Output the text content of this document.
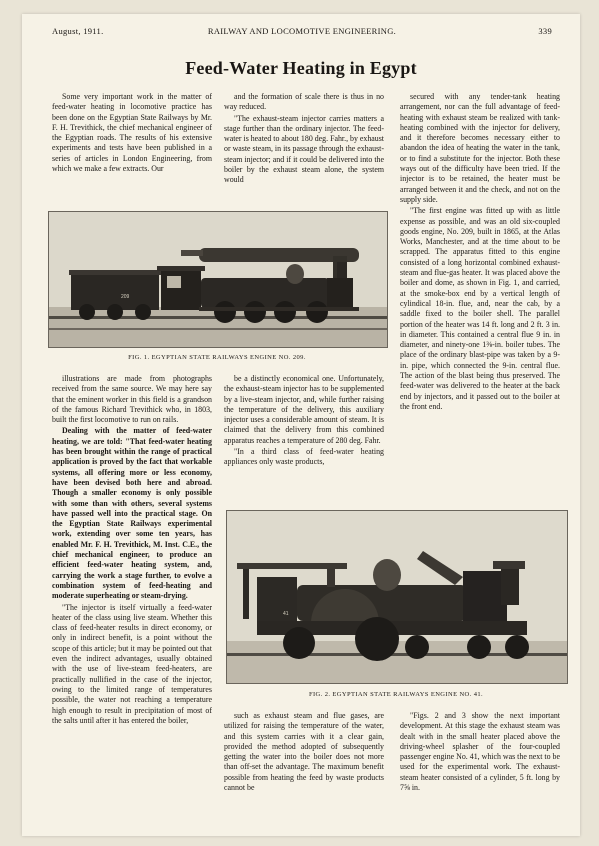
August, 1911.	RAILWAY AND LOCOMOTIVE ENGINEERING.	339
Feed-Water Heating in Egypt

Some very important work in the matter of feed-water heating in locomotive practice has been done on the Egyptian State Railways by Mr. F. H. Trevithick, the chief mechanical engineer of the Egyptian roads. The results of his extensive experiments and tests have been published in a series of articles in London Engineering, from which we make a few extracts. Our

and the formation of scale there is thus in no way reduced.

"The exhaust-steam injector carries matters a stage further than the ordinary injector. The feed-water is heated to about 180 deg. Fahr., by exhaust or waste steam, in its passage through the exhaust-steam injector; and if it could be delivered into the boiler by the exhaust steam alone, the system would

secured with any tender-tank heating arrangement, nor can the full advantage of feed-heating with exhaust steam be realized with tank-heating combined with the injector for delivery, and it therefore becomes necessary either to abandon the idea of heating the water in the tank, or to find a substitute for the injector. Both these ways out of the difficulty have been tried. If the injector is to be retained, the heater must be arranged between it and the check, and not on the supply side.

"The first engine was fitted up with as little expense as possible, and was an old six-coupled goods engine, No. 209, built in 1865, at the Atlas Works, Manchester, and at the time about to be scrapped. The apparatus fitted to this engine consisted of a long horizontal combined exhaust-steam and flue-gas heater. It was placed above the boiler and dome, as shown in Fig. 1, and carried, at the smoke-box end by a vertical length of cylindical 18-in. flue, and, near the cab, by a saddle fixed to the boiler shell. The parallel portion of the heater was 14 ft. long and 2 ft. 3 in. in diameter. This contained a central flue 9 in. in diameter, and ninety-one 1⅜-in. boiler tubes. The place of the ordinary blast-pipe was taken by a 9-in. pipe, which connected the 9-in. central flue. The action of the blast being thus preserved. The feed-water was delivered to the heater at the back end by injectors, and it passed out to the boiler at the front end.

209
FIG. 1. EGYPTIAN STATE RAILWAYS ENGINE NO. 209.

illustrations are made from photographs received from the same source. We may here say that the eminent worker in this field is a grandson of the famous Richard Trevithick who, in 1803, built the first locomotive to run on rails.

Dealing with the matter of feed-water heating, we are told: "That feed-water heating has been brought within the range of practical application is proved by the fact that workable systems, all offering more or less economy, have been devised both here and abroad. Though a smaller economy is only possible with some than with others, several systems have passed well into the practical stage. On the Egyptian State Railways experimental work, extending over some ten years, has enabled Mr. F. H. Trevithick, M. Inst. C.E., the chief mechanical engineer, to produce an efficient feed-water heating system, and, carrying the work a stage further, to evolve a combination system of feed-heating and moderate superheating or steam-drying.

"The injector is itself virtually a feed-water heater of the class using live steam. Whether this class of feed-heater results in direct economy, or only in indirect benefit, is a point without the scope of this article; but it may be pointed out that even the indirect advantages, usually obtained with the use of live-steam feed-heaters, are practically nullified in the case of the injector, owing to the limited range of temperatures possible, the water not reaching a temperature high enough to result in precipitation of most of the salts until after it has entered the boiler,

be a distinctly economical one. Unfortunately, the exhaust-steam injector has to be supplemented by a live-steam injector, and, while further raising the temperature of the delivery, this auxiliary injector uses a considerable amount of steam. It is claimed that the delivery from this combined apparatus reaches a temperature of 280 deg. Fahr.

"In a third class of feed-water heating appliances only waste products,

41
FIG. 2. EGYPTIAN STATE RAILWAYS ENGINE NO. 41.

such as exhaust steam and flue gases, are utilized for raising the temperature of the water, and this system carries with it a clear gain, provided the method adopted of subsequently getting the water into the boiler does not more than off-set the advantage. The maximum benefit possible from heating the feed by waste products cannot be

"Figs. 2 and 3 show the next important development. At this stage the exhaust steam was dealt with in the small heater placed above the driving-wheel splasher of the four-coupled passenger engine No. 41, which was the next to be used for the experimental work. The exhaust-steam heater consisted of a cylinder, 5 ft. long by 7⅝ in.
